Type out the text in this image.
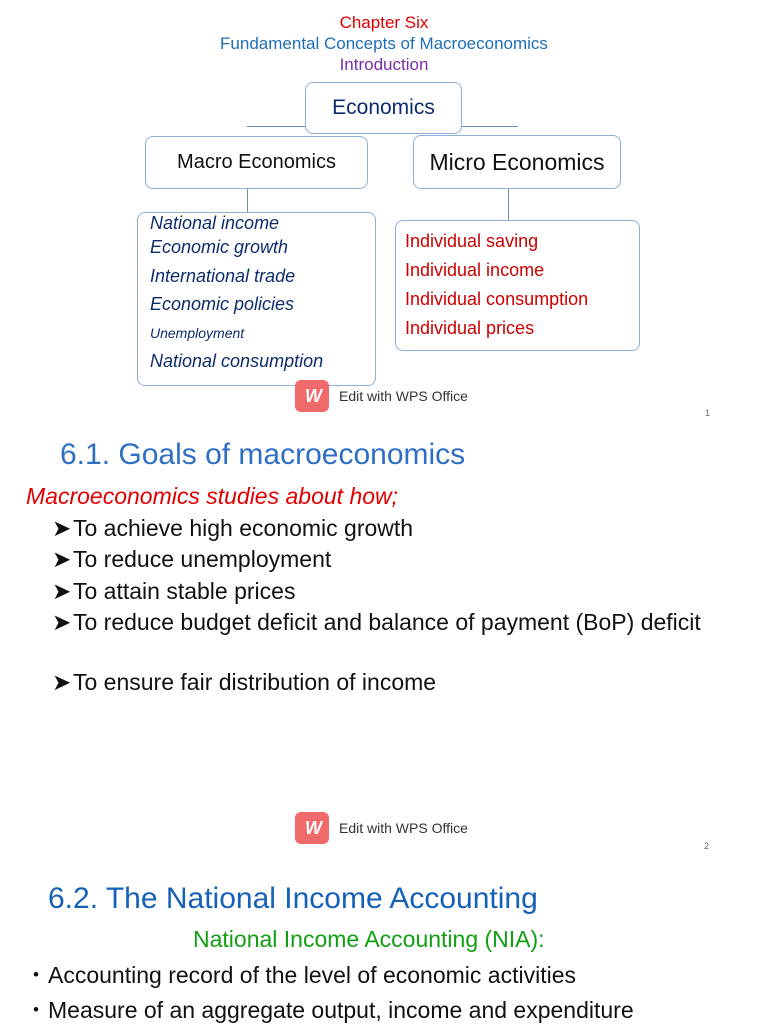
Chapter Six
Fundamental Concepts of Macroeconomics
Introduction
Economics
Macro Economics	Micro Economics
National income
Economic growth
International trade
Economic policies
Unemployment
National consumption
Individual saving
Individual income
Individual consumption
Individual prices
W	Edit with WPS Office
1
6.1. Goals of macroeconomics
Macroeconomics studies about how;
➤To achieve high economic growth
➤To reduce unemployment
➤To attain stable prices
➤To reduce budget deficit and balance of payment (BoP) deficit
➤To ensure fair distribution of income
W	Edit with WPS Office
2
6.2. The National Income Accounting
National Income Accounting (NIA):
• Accounting record of the level of economic activities
• Measure of an aggregate output, income and expenditure
